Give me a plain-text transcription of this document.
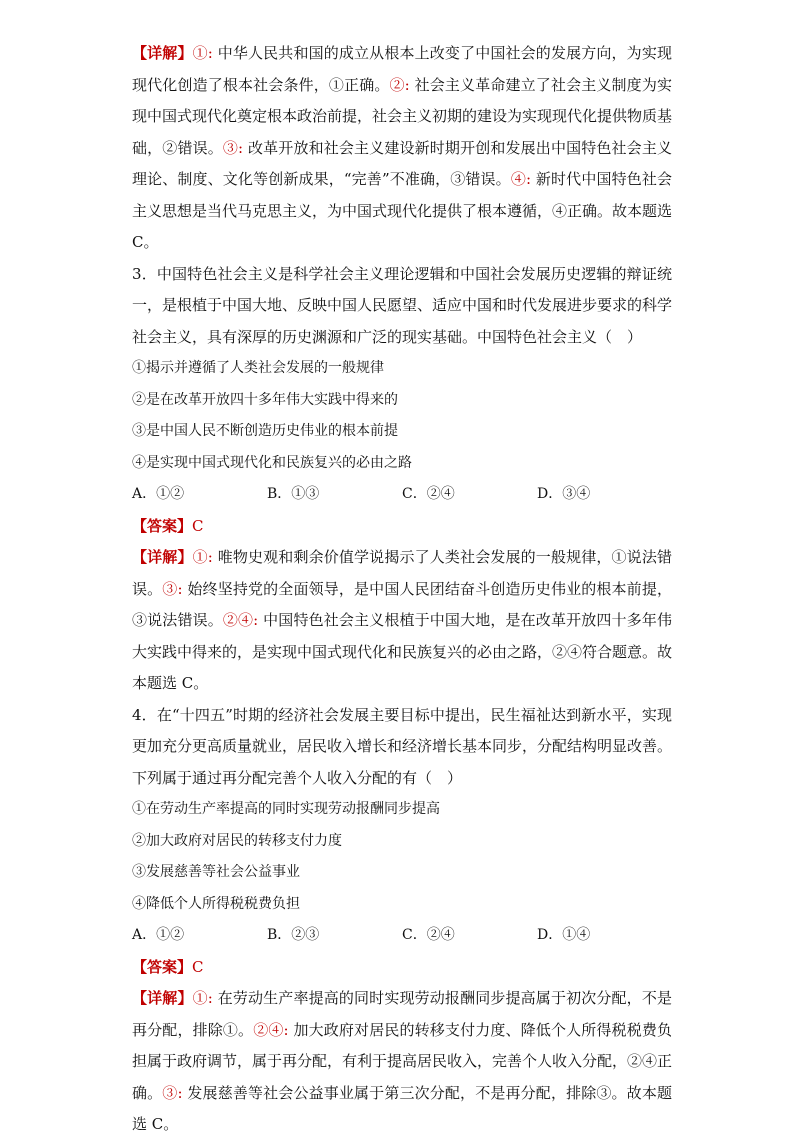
【详解】①: 中华人民共和国的成立从根本上改变了中国社会的发展方向，为实现现代化创造了根本社会条件，①正确。②: 社会主义革命建立了社会主义制度为实现中国式现代化奠定根本政治前提，社会主义初期的建设为实现现代化提供物质基础，②错误。③: 改革开放和社会主义建设新时期开创和发展出中国特色社会主义理论、制度、文化等创新成果，“完善”不准确，③错误。④: 新时代中国特色社会主义思想是当代马克思主义，为中国式现代化提供了根本遵循，④正确。故本题选 C。

3．中国特色社会主义是科学社会主义理论逻辑和中国社会发展历史逻辑的辩证统一，是根植于中国大地、反映中国人民愿望、适应中国和时代发展进步要求的科学社会主义，具有深厚的历史渊源和广泛的现实基础。中国特色社会主义（　）

①揭示并遵循了人类社会发展的一般规律

②是在改革开放四十多年伟大实践中得来的

③是中国人民不断创造历史伟业的根本前提

④是实现中国式现代化和民族复兴的必由之路

A．①②	B．①③	C．②④	D．③④

【答案】C

【详解】①: 唯物史观和剩余价值学说揭示了人类社会发展的一般规律，①说法错误。③: 始终坚持党的全面领导，是中国人民团结奋斗创造历史伟业的根本前提，③说法错误。②④: 中国特色社会主义根植于中国大地，是在改革开放四十多年伟大实践中得来的，是实现中国式现代化和民族复兴的必由之路，②④符合题意。故本题选 C。

4．在“十四五”时期的经济社会发展主要目标中提出，民生福祉达到新水平，实现更加充分更高质量就业，居民收入增长和经济增长基本同步，分配结构明显改善。下列属于通过再分配完善个人收入分配的有（　）

①在劳动生产率提高的同时实现劳动报酬同步提高

②加大政府对居民的转移支付力度

③发展慈善等社会公益事业

④降低个人所得税税费负担

A．①②	B．②③	C．②④	D．①④

【答案】C

【详解】①: 在劳动生产率提高的同时实现劳动报酬同步提高属于初次分配，不是再分配，排除①。②④: 加大政府对居民的转移支付力度、降低个人所得税税费负担属于政府调节，属于再分配，有利于提高居民收入，完善个人收入分配，②④正确。③: 发展慈善等社会公益事业属于第三次分配，不是再分配，排除③。故本题选 C。
